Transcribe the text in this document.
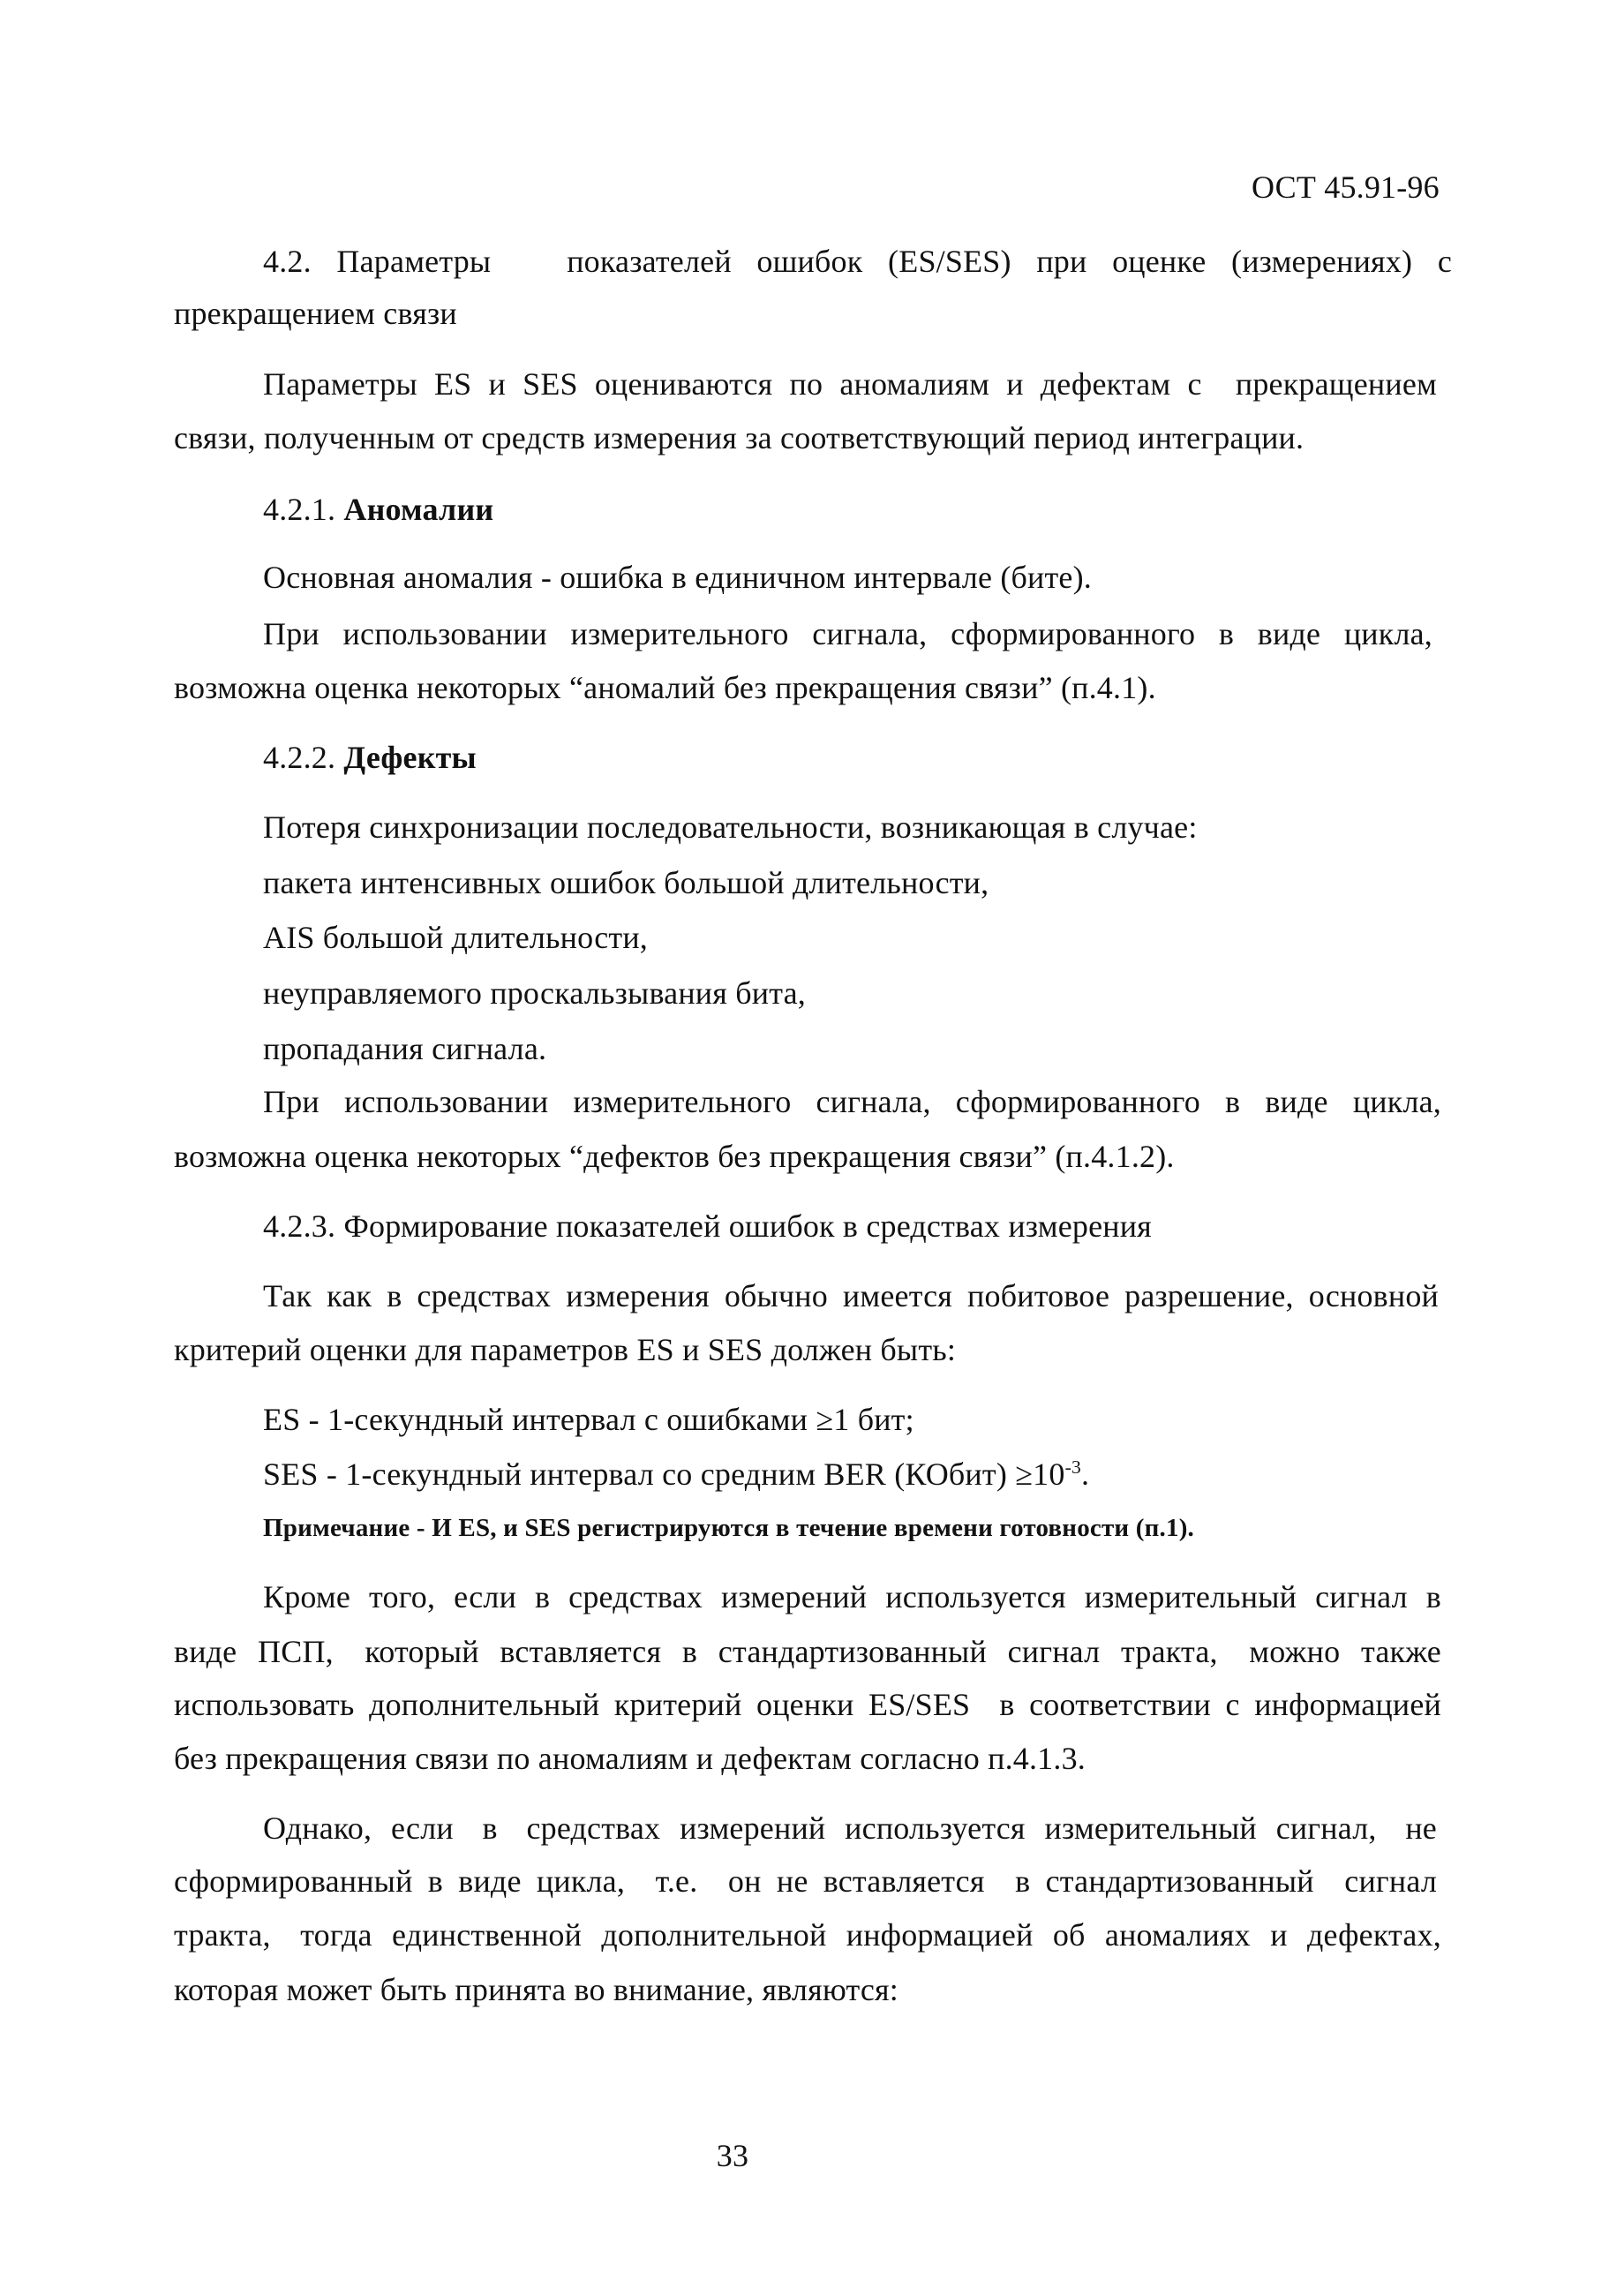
ОСТ 45.91-96
4.2. Параметры   показателей ошибок (ES/SES) при оценке (измерениях) с
прекращением связи
Параметры ES и SES оцениваются по аномалиям и дефектам с  прекращением
связи, полученным от средств измерения за соответствующий период интеграции.
4.2.1. Аномалии
Основная аномалия - ошибка в единичном интервале (бите).
При использовании измерительного сигнала, сформированного в виде цикла,
возможна оценка некоторых “аномалий без прекращения связи” (п.4.1).
4.2.2. Дефекты
Потеря синхронизации последовательности, возникающая в случае:
пакета интенсивных ошибок большой длительности,
AIS большой длительности,
неуправляемого проскальзывания бита,
пропадания сигнала.
При  использовании  измерительного  сигнала,  сформированного  в  виде  цикла,
возможна оценка некоторых “дефектов без прекращения связи” (п.4.1.2).
4.2.3. Формирование показателей ошибок в средствах измерения
Так как в средствах измерения обычно имеется побитовое разрешение, основной
критерий оценки для параметров ES и SES должен быть:
ES - 1-секундный интервал с ошибками ≥1 бит;
SES - 1-секундный интервал со средним BER (КОбит) $\ge 10^{-3}$.
Примечание - И ES, и SES регистрируются в течение времени готовности (п.1).
Кроме  того,  если  в  средствах  измерений  используется  измерительный  сигнал  в
виде  ПСП,   который  вставляется  в  стандартизованный  сигнал  тракта,   можно  также
использовать дополнительный критерий оценки ES/SES  в соответствии с информацией
без прекращения связи по аномалиям и дефектам согласно п.4.1.3.
Однако,  если   в   средствах  измерений  используется  измерительный  сигнал,   не
сформированный в виде цикла,  т.е.  он не вставляется  в стандартизованный  сигнал
тракта,   тогда  единственной  дополнительной  информацией  об  аномалиях  и  дефектах,
которая может быть принята во внимание, являются:
33
